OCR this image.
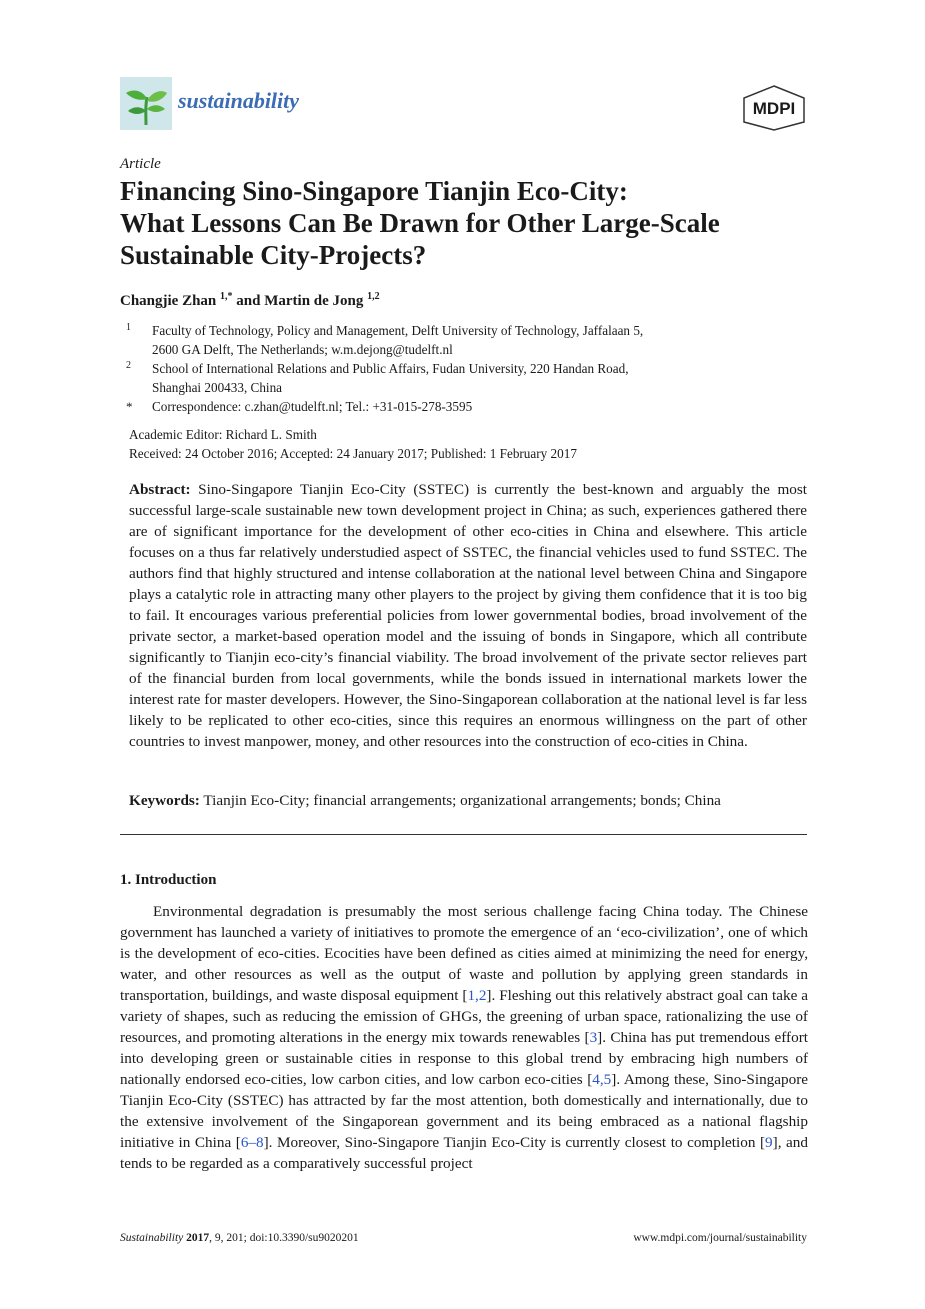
sustainability	MDPI
Article
Financing Sino-Singapore Tianjin Eco-City:
What Lessons Can Be Drawn for Other Large-Scale
Sustainable City-Projects?
Changjie Zhan $^{1,*}$ and Martin de Jong $^{1,2}$
1 Faculty of Technology, Policy and Management, Delft University of Technology, Jaffalaan 5,
2600 GA Delft, The Netherlands; w.m.dejong@tudelft.nl
2 School of International Relations and Public Affairs, Fudan University, 220 Handan Road,
Shanghai 200433, China
* Correspondence: c.zhan@tudelft.nl; Tel.: +31-015-278-3595
Academic Editor: Richard L. Smith
Received: 24 October 2016; Accepted: 24 January 2017; Published: 1 February 2017
Abstract: Sino-Singapore Tianjin Eco-City (SSTEC) is currently the best-known and arguably the most successful large-scale sustainable new town development project in China; as such, experiences gathered there are of significant importance for the development of other eco-cities in China and elsewhere. This article focuses on a thus far relatively understudied aspect of SSTEC, the financial vehicles used to fund SSTEC. The authors find that highly structured and intense collaboration at the national level between China and Singapore plays a catalytic role in attracting many other players to the project by giving them confidence that it is too big to fail. It encourages various preferential policies from lower governmental bodies, broad involvement of the private sector, a market-based operation model and the issuing of bonds in Singapore, which all contribute significantly to Tianjin eco-city’s financial viability. The broad involvement of the private sector relieves part of the financial burden from local governments, while the bonds issued in international markets lower the interest rate for master developers. However, the Sino-Singaporean collaboration at the national level is far less likely to be replicated to other eco-cities, since this requires an enormous willingness on the part of other countries to invest manpower, money, and other resources into the construction of eco-cities in China.
Keywords: Tianjin Eco-City; financial arrangements; organizational arrangements; bonds; China
1. Introduction

Environmental degradation is presumably the most serious challenge facing China today. The Chinese government has launched a variety of initiatives to promote the emergence of an ‘eco-civilization’, one of which is the development of eco-cities. Ecocities have been defined as cities aimed at minimizing the need for energy, water, and other resources as well as the output of waste and pollution by applying green standards in transportation, buildings, and waste disposal equipment [1,2]. Fleshing out this relatively abstract goal can take a variety of shapes, such as reducing the emission of GHGs, the greening of urban space, rationalizing the use of resources, and promoting alterations in the energy mix towards renewables [3]. China has put tremendous effort into developing green or sustainable cities in response to this global trend by embracing high numbers of nationally endorsed eco-cities, low carbon cities, and low carbon eco-cities [4,5]. Among these, Sino-Singapore Tianjin Eco-City (SSTEC) has attracted by far the most attention, both domestically and internationally, due to the extensive involvement of the Singaporean government and its being embraced as a national flagship initiative in China [6–8]. Moreover, Sino-Singapore Tianjin Eco-City is currently closest to completion [9], and tends to be regarded as a comparatively successful project

Sustainability 2017, 9, 201; doi:10.3390/su9020201	www.mdpi.com/journal/sustainability
